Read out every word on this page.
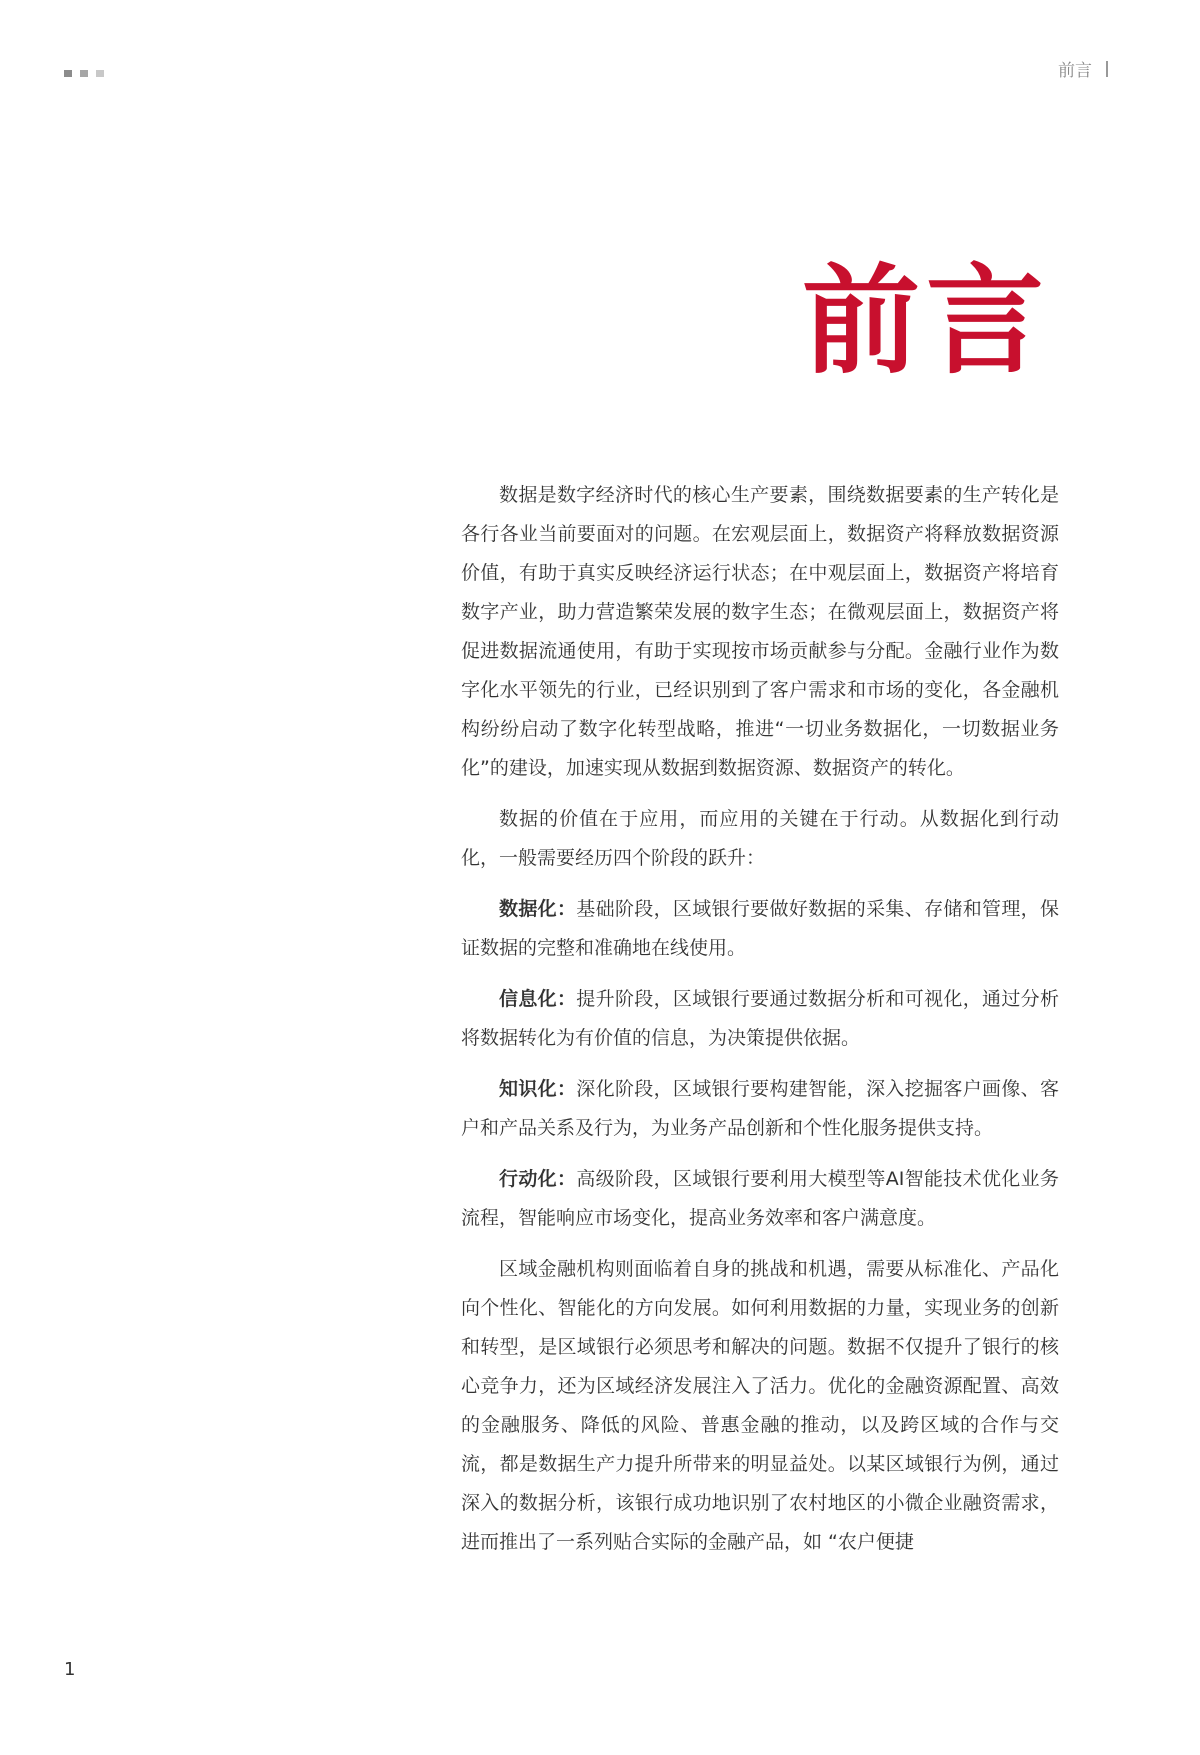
前言
前言

数据是数字经济时代的核心生产要素，围绕数据要素的生产转化是各行各业当前要面对的问题。在宏观层面上，数据资产将释放数据资源价值，有助于真实反映经济运行状态；在中观层面上，数据资产将培育数字产业，助力营造繁荣发展的数字生态；在微观层面上，数据资产将促进数据流通使用，有助于实现按市场贡献参与分配。金融行业作为数字化水平领先的行业，已经识别到了客户需求和市场的变化，各金融机构纷纷启动了数字化转型战略，推进“一切业务数据化，一切数据业务化”的建设，加速实现从数据到数据资源、数据资产的转化。

数据的价值在于应用，而应用的关键在于行动。从数据化到行动化，一般需要经历四个阶段的跃升：

数据化：基础阶段，区域银行要做好数据的采集、存储和管理，保证数据的完整和准确地在线使用。

信息化：提升阶段，区域银行要通过数据分析和可视化，通过分析将数据转化为有价值的信息，为决策提供依据。

知识化：深化阶段，区域银行要构建智能，深入挖掘客户画像、客户和产品关系及行为，为业务产品创新和个性化服务提供支持。

行动化：高级阶段，区域银行要利用大模型等AI智能技术优化业务流程，智能响应市场变化，提高业务效率和客户满意度。

区域金融机构则面临着自身的挑战和机遇，需要从标准化、产品化向个性化、智能化的方向发展。如何利用数据的力量，实现业务的创新和转型，是区域银行必须思考和解决的问题。数据不仅提升了银行的核心竞争力，还为区域经济发展注入了活力。优化的金融资源配置、高效的金融服务、降低的风险、普惠金融的推动，以及跨区域的合作与交流，都是数据生产力提升所带来的明显益处。以某区域银行为例，通过深入的数据分析，该银行成功地识别了农村地区的小微企业融资需求，进而推出了一系列贴合实际的金融产品，如 “农户便捷

1
